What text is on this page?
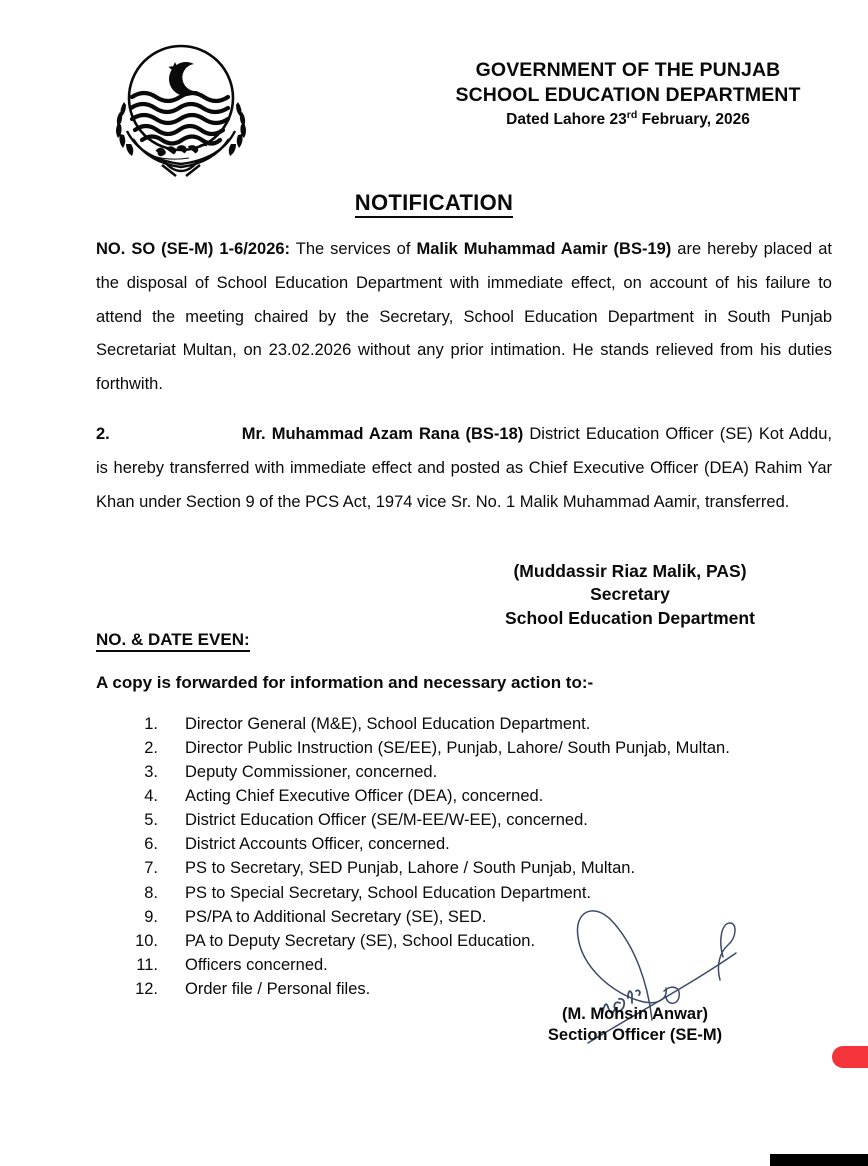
GOVERNMENT OF THE PUNJAB
SCHOOL EDUCATION DEPARTMENT
Dated Lahore 23rd February, 2026
NOTIFICATION

NO. SO (SE-M) 1-6/2026: The services of Malik Muhammad Aamir (BS-19) are hereby placed at the disposal of School Education Department with immediate effect, on account of his failure to attend the meeting chaired by the Secretary, School Education Department in South Punjab Secretariat Multan, on 23.02.2026 without any prior intimation. He stands relieved from his duties forthwith.

2.	Mr. Muhammad Azam Rana (BS-18) District Education Officer (SE) Kot Addu, is hereby transferred with immediate effect and posted as Chief Executive Officer (DEA) Rahim Yar Khan under Section 9 of the PCS Act, 1974 vice Sr. No. 1 Malik Muhammad Aamir, transferred.

(Muddassir Riaz Malik, PAS)
Secretary
School Education Department
NO. & DATE EVEN:
A copy is forwarded for information and necessary action to:-
1.	Director General (M&E), School Education Department.
2.	Director Public Instruction (SE/EE), Punjab, Lahore/ South Punjab, Multan.
3.	Deputy Commissioner, concerned.
4.	Acting Chief Executive Officer (DEA), concerned.
5.	District Education Officer (SE/M-EE/W-EE), concerned.
6.	District Accounts Officer, concerned.
7.	PS to Secretary, SED Punjab, Lahore / South Punjab, Multan.
8.	PS to Special Secretary, School Education Department.
9.	PS/PA to Additional Secretary (SE), SED.
10.	PA to Deputy Secretary (SE), School Education.
11.	Officers concerned.
12.	Order file / Personal files.
(M. Mohsin Anwar)
Section Officer (SE-M)
